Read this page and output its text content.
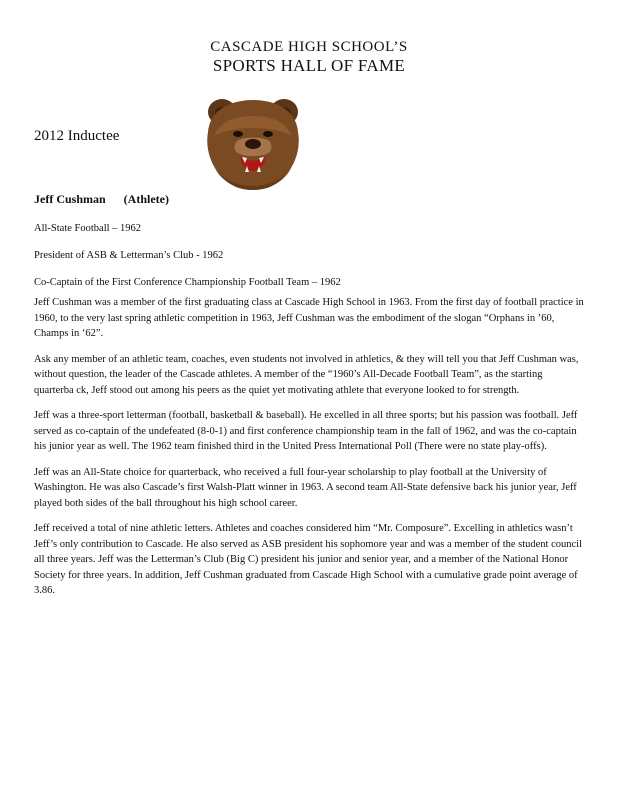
CASCADE HIGH SCHOOL’S
SPORTS HALL OF FAME
2012 Inductee
Jeff Cushman (Athlete)

All-State Football – 1962

President of ASB & Letterman’s Club - 1962

Co-Captain of the First Conference Championship Football Team – 1962

Jeff Cushman was a member of the first graduating class at Cascade High School in 1963. From the first day of football practice in 1960, to the very last spring athletic competition in 1963, Jeff Cushman was the embodiment of the slogan “Orphans in ’60, Champs in ‘62”.

Ask any member of an athletic team, coaches, even students not involved in athletics, & they will tell you that Jeff Cushman was, without question, the leader of the Cascade athletes. A member of the “1960’s All-Decade Football Team”, as the starting quarterba ck, Jeff stood out among his peers as the quiet yet motivating athlete that everyone looked to for strength.

Jeff was a three-sport letterman (football, basketball & baseball). He excelled in all three sports; but his passion was football. Jeff served as co-captain of the undefeated (8-0-1) and first conference championship team in the fall of 1962, and was the co-captain his junior year as well. The 1962 team finished third in the United Press International Poll (There were no state play-offs).

Jeff was an All-State choice for quarterback, who received a full four-year scholarship to play football at the University of Washington. He was also Cascade’s first Walsh-Platt winner in 1963. A second team All-State defensive back his junior year, Jeff played both sides of the ball throughout his high school career.

Jeff received a total of nine athletic letters. Athletes and coaches considered him “Mr. Composure”. Excelling in athletics wasn’t Jeff’s only contribution to Cascade. He also served as ASB president his sophomore year and was a member of the student council all three years. Jeff was the Letterman’s Club (Big C) president his junior and senior year, and a member of the National Honor Society for three years. In addition, Jeff Cushman graduated from Cascade High School with a cumulative grade point average of 3.86.
